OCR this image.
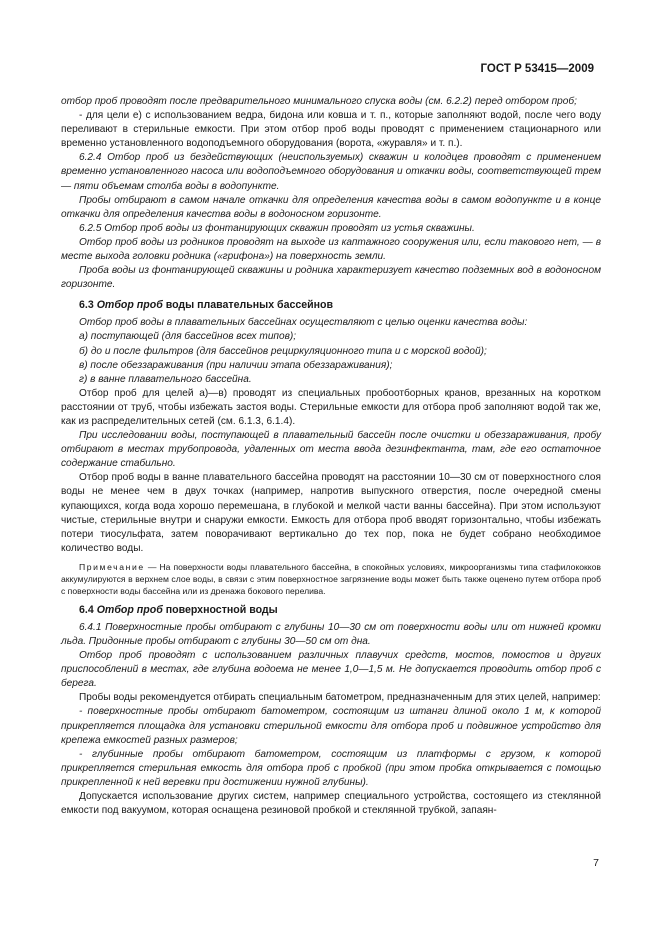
ГОСТ Р 53415—2009

отбор проб проводят после предварительного минимального спуска воды (см. 6.2.2) перед отбором проб;

- для цели е) с использованием ведра, бидона или ковша и т. п., которые заполняют водой, после чего воду переливают в стерильные емкости. При этом отбор проб воды проводят с применением стационарного или временно установленного водоподъемного оборудования (ворота, «журавля» и т. п.).

6.2.4 Отбор проб из бездействующих (неиспользуемых) скважин и колодцев проводят с применением временно установленного насоса или водоподъемного оборудования и откачки воды, соответствующей трем — пяти объемам столба воды в водопункте.

Пробы отбирают в самом начале откачки для определения качества воды в самом водопункте и в конце откачки для определения качества воды в водоносном горизонте.

6.2.5 Отбор проб воды из фонтанирующих скважин проводят из устья скважины.

Отбор проб воды из родников проводят на выходе из каптажного сооружения или, если такового нет, — в месте выхода головки родника («грифона») на поверхность земли.

Проба воды из фонтанирующей скважины и родника характеризует качество подземных вод в водоносном горизонте.

6.3 Отбор проб воды плавательных бассейнов

Отбор проб воды в плавательных бассейнах осуществляют с целью оценки качества воды:

а) поступающей (для бассейнов всех типов);

б) до и после фильтров (для бассейнов рециркуляционного типа и с морской водой);

в) после обеззараживания (при наличии этапа обеззараживания);

г) в ванне плавательного бассейна.

Отбор проб для целей а)—в) проводят из специальных пробоотборных кранов, врезанных на коротком расстоянии от труб, чтобы избежать застоя воды. Стерильные емкости для отбора проб заполняют водой так же, как из распределительных сетей (см. 6.1.3, 6.1.4).

При исследовании воды, поступающей в плавательный бассейн после очистки и обеззараживания, пробу отбирают в местах трубопровода, удаленных от места ввода дезинфектанта, там, где его остаточное содержание стабильно.

Отбор проб воды в ванне плавательного бассейна проводят на расстоянии 10—30 см от поверхностного слоя воды не менее чем в двух точках (например, напротив выпускного отверстия, после очередной смены купающихся, когда вода хорошо перемешана, в глубокой и мелкой части ванны бассейна). При этом используют чистые, стерильные внутри и снаружи емкости. Емкость для отбора проб вводят горизонтально, чтобы избежать потери тиосульфата, затем поворачивают вертикально до тех пор, пока не будет собрано необходимое количество воды.

Примечание — На поверхности воды плавательного бассейна, в спокойных условиях, микроорганизмы типа стафилококков аккумулируются в верхнем слое воды, в связи с этим поверхностное загрязнение воды может быть также оценено путем отбора проб с поверхности воды бассейна или из дренажа бокового перелива.

6.4 Отбор проб поверхностной воды

6.4.1 Поверхностные пробы отбирают с глубины 10—30 см от поверхности воды или от нижней кромки льда. Придонные пробы отбирают с глубины 30—50 см от дна.

Отбор проб проводят с использованием различных плавучих средств, мостов, помостов и других приспособлений в местах, где глубина водоема не менее 1,0—1,5 м. Не допускается проводить отбор проб с берега.

Пробы воды рекомендуется отбирать специальным батометром, предназначенным для этих целей, например:

- поверхностные пробы отбирают батометром, состоящим из штанги длиной около 1 м, к которой прикрепляется площадка для установки стерильной емкости для отбора проб и подвижное устройство для крепежа емкостей разных размеров;

- глубинные пробы отбирают батометром, состоящим из платформы с грузом, к которой прикрепляется стерильная емкость для отбора проб с пробкой (при этом пробка открывается с помощью прикрепленной к ней веревки при достижении нужной глубины).

Допускается использование других систем, например специального устройства, состоящего из стеклянной емкости под вакуумом, которая оснащена резиновой пробкой и стеклянной трубкой, запаян-

7
